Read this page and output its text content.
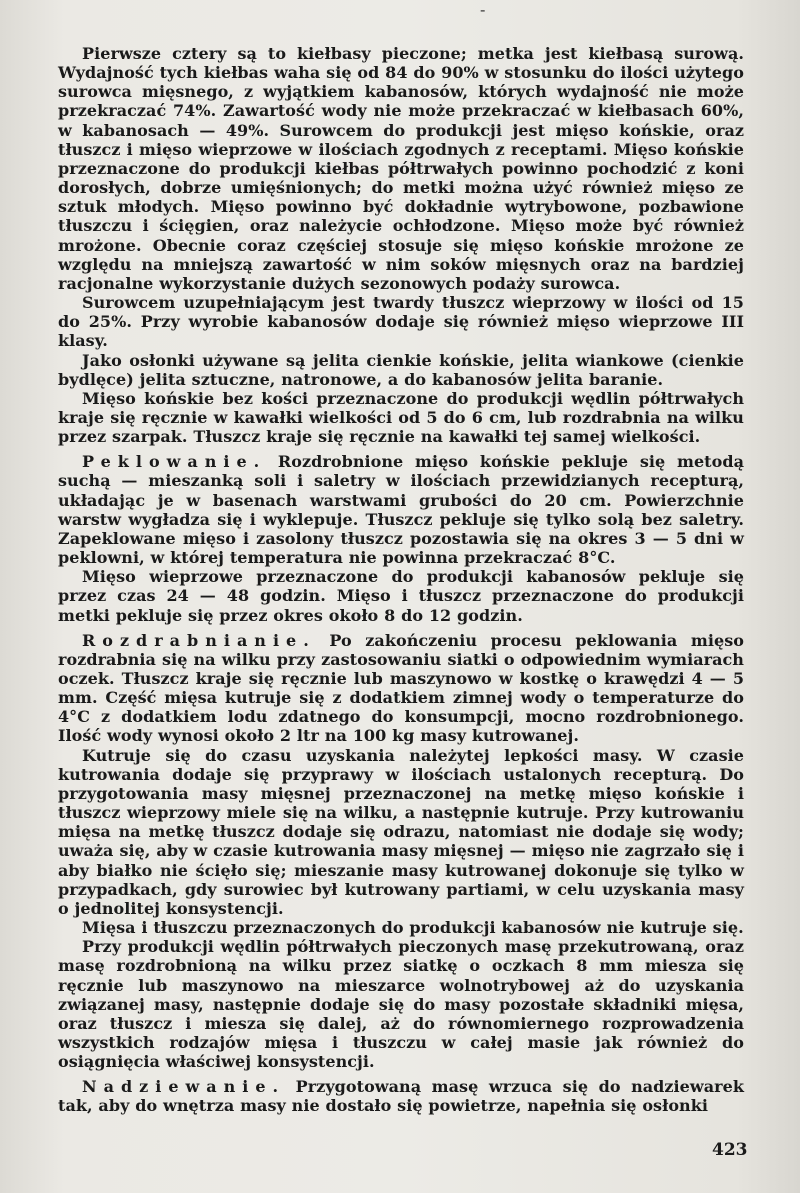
-

Pierwsze cztery są to kiełbasy pieczone; metka jest kiełbasą surową. Wydajność tych kiełbas waha się od 84 do 90% w stosunku do ilości użytego surowca mięsnego, z wyjątkiem kabanosów, których wydajność nie może przekraczać 74%. Zawartość wody nie może przekraczać w kiełbasach 60%, w kabanosach — 49%. Surowcem do produkcji jest mięso końskie, oraz tłuszcz i mięso wieprzowe w ilościach zgodnych z receptami. Mięso końskie przeznaczone do produkcji kiełbas półtrwałych powinno pochodzić z koni dorosłych, dobrze umięśnionych; do metki można użyć również mięso ze sztuk młodych. Mięso powinno być dokładnie wytrybowone, pozbawione tłuszczu i ścięgien, oraz należycie ochłodzone. Mięso może być również mrożone. Obecnie coraz częściej stosuje się mięso końskie mrożone ze względu na mniejszą zawartość w nim soków mięsnych oraz na bardziej racjonalne wykorzystanie dużych sezonowych podaży surowca.

Surowcem uzupełniającym jest twardy tłuszcz wieprzowy w ilości od 15 do 25%. Przy wyrobie kabanosów dodaje się również mięso wieprzowe III klasy.

Jako osłonki używane są jelita cienkie końskie, jelita wiankowe (cienkie bydlęce) jelita sztuczne, natronowe, a do kabanosów jelita baranie.

Mięso końskie bez kości przeznaczone do produkcji wędlin półtrwałych kraje się ręcznie w kawałki wielkości od 5 do 6 cm, lub rozdrabnia na wilku przez szarpak. Tłuszcz kraje się ręcznie na kawałki tej samej wielkości.

Peklowanie. Rozdrobnione mięso końskie pekluje się metodą suchą — mieszanką soli i saletry w ilościach przewidzianych recepturą, układając je w basenach warstwami grubości do 20 cm. Powierzchnie warstw wygładza się i wyklepuje. Tłuszcz pekluje się tylko solą bez saletry. Zapeklowane mięso i zasolony tłuszcz pozostawia się na okres 3 — 5 dni w peklowni, w której temperatura nie powinna przekraczać 8°C.

Mięso wieprzowe przeznaczone do produkcji kabanosów pekluje się przez czas 24 — 48 godzin. Mięso i tłuszcz przeznaczone do produkcji metki pekluje się przez okres około 8 do 12 godzin.

Rozdrabnianie. Po zakończeniu procesu peklowania mięso rozdrabnia się na wilku przy zastosowaniu siatki o odpowiednim wymiarach oczek. Tłuszcz kraje się ręcznie lub maszynowo w kostkę o krawędzi 4 — 5 mm. Część mięsa kutruje się z dodatkiem zimnej wody o temperaturze do 4°C z dodatkiem lodu zdatnego do konsumpcji, mocno rozdrobnionego. Ilość wody wynosi około 2 ltr na 100 kg masy kutrowanej.

Kutruje się do czasu uzyskania należytej lepkości masy. W czasie kutrowania dodaje się przyprawy w ilościach ustalonych recepturą. Do przygotowania masy mięsnej przeznaczonej na metkę mięso końskie i tłuszcz wieprzowy miele się na wilku, a następnie kutruje. Przy kutrowaniu mięsa na metkę tłuszcz dodaje się odrazu, natomiast nie dodaje się wody; uważa się, aby w czasie kutrowania masy mięsnej — mięso nie zagrzało się i aby białko nie ścięło się; mieszanie masy kutrowanej dokonuje się tylko w przypadkach, gdy surowiec był kutrowany partiami, w celu uzyskania masy o jednolitej konsystencji.

Mięsa i tłuszczu przeznaczonych do produkcji kabanosów nie kutruje się.

Przy produkcji wędlin półtrwałych pieczonych masę przekutrowaną, oraz masę rozdrobnioną na wilku przez siatkę o oczkach 8 mm miesza się ręcznie lub maszynowo na mieszarce wolnotrybowej aż do uzyskania związanej masy, następnie dodaje się do masy pozostałe składniki mięsa, oraz tłuszcz i miesza się dalej, aż do równomiernego rozprowadzenia wszystkich rodzajów mięsa i tłuszczu w całej masie jak również do osiągnięcia właściwej konsystencji.

Nadziewanie. Przygotowaną masę wrzuca się do nadziewarek tak, aby do wnętrza masy nie dostało się powietrze, napełnia się osłonki

423
